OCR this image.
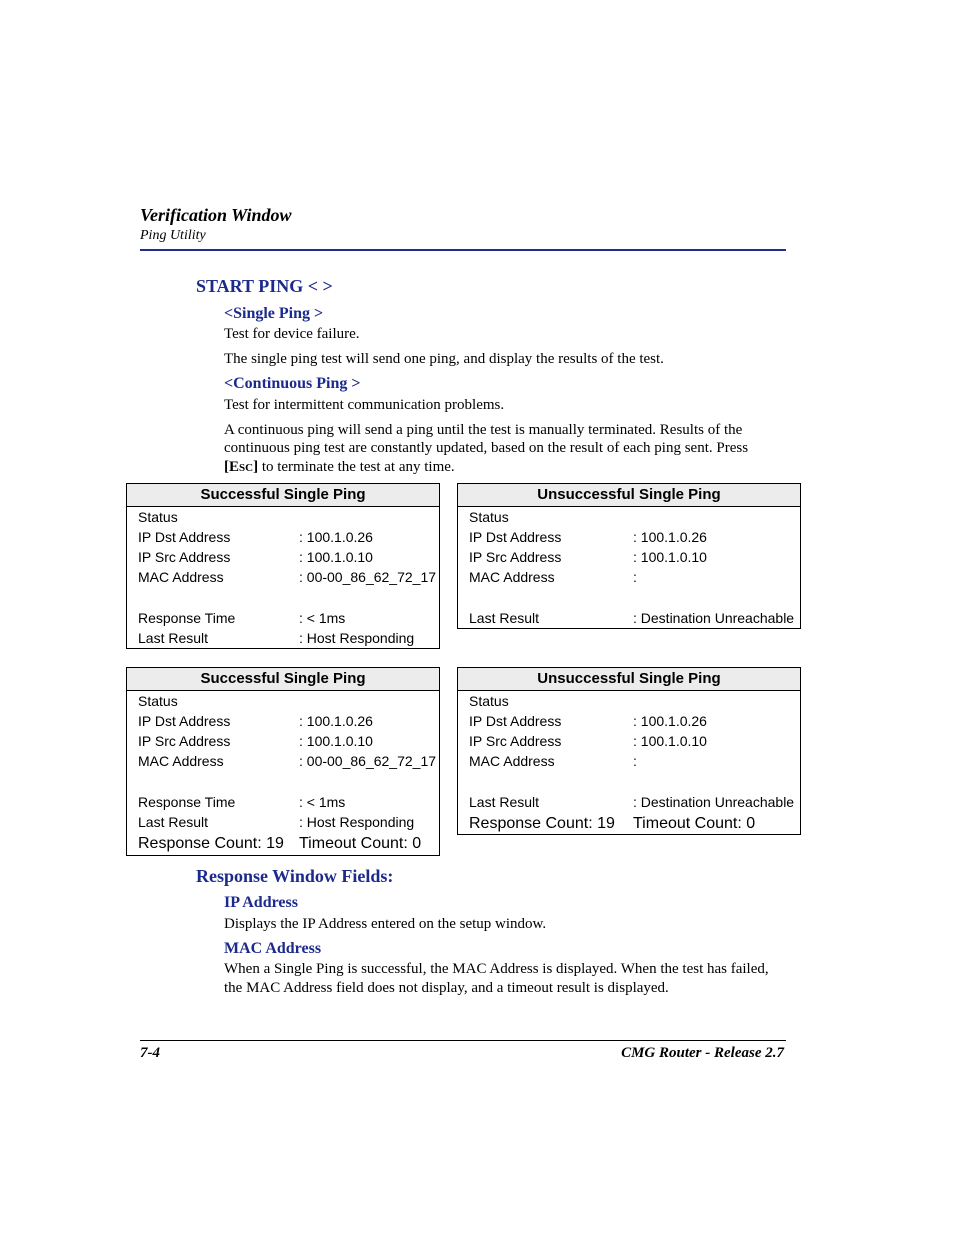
Verification Window
Ping Utility
START PING < >
<Single Ping >
Test for device failure.
The single ping test will send one ping, and display the results of the test.
<Continuous Ping >
Test for intermittent communication problems.
A continuous ping will send a ping until the test is manually terminated. Results of the
continuous ping test are constantly updated, based on the result of each ping sent. Press
[ESC] to terminate the test at any time.
Successful Single Ping
Status
IP Dst Address	: 100.1.0.26
IP Src Address	: 100.1.0.10
MAC Address	: 00-00_86_62_72_17
Response Time	: < 1ms
Last Result	: Host Responding
Unsuccessful Single Ping
Status
IP Dst Address	: 100.1.0.26
IP Src Address	: 100.1.0.10
MAC Address	:
Last Result	: Destination Unreachable
Successful Single Ping
Status
IP Dst Address	: 100.1.0.26
IP Src Address	: 100.1.0.10
MAC Address	: 00-00_86_62_72_17
Response Time	: < 1ms
Last Result	: Host Responding
Response Count: 19 Timeout Count: 0
Unsuccessful Single Ping
Status
IP Dst Address	: 100.1.0.26
IP Src Address	: 100.1.0.10
MAC Address	:
Last Result	: Destination Unreachable
Response Count: 19 Timeout Count: 0
Response Window Fields:
IP Address
Displays the IP Address entered on the setup window.
MAC Address
When a Single Ping is successful, the MAC Address is displayed. When the test has failed,
the MAC Address field does not display, and a timeout result is displayed.
7-4	CMG Router - Release 2.7
